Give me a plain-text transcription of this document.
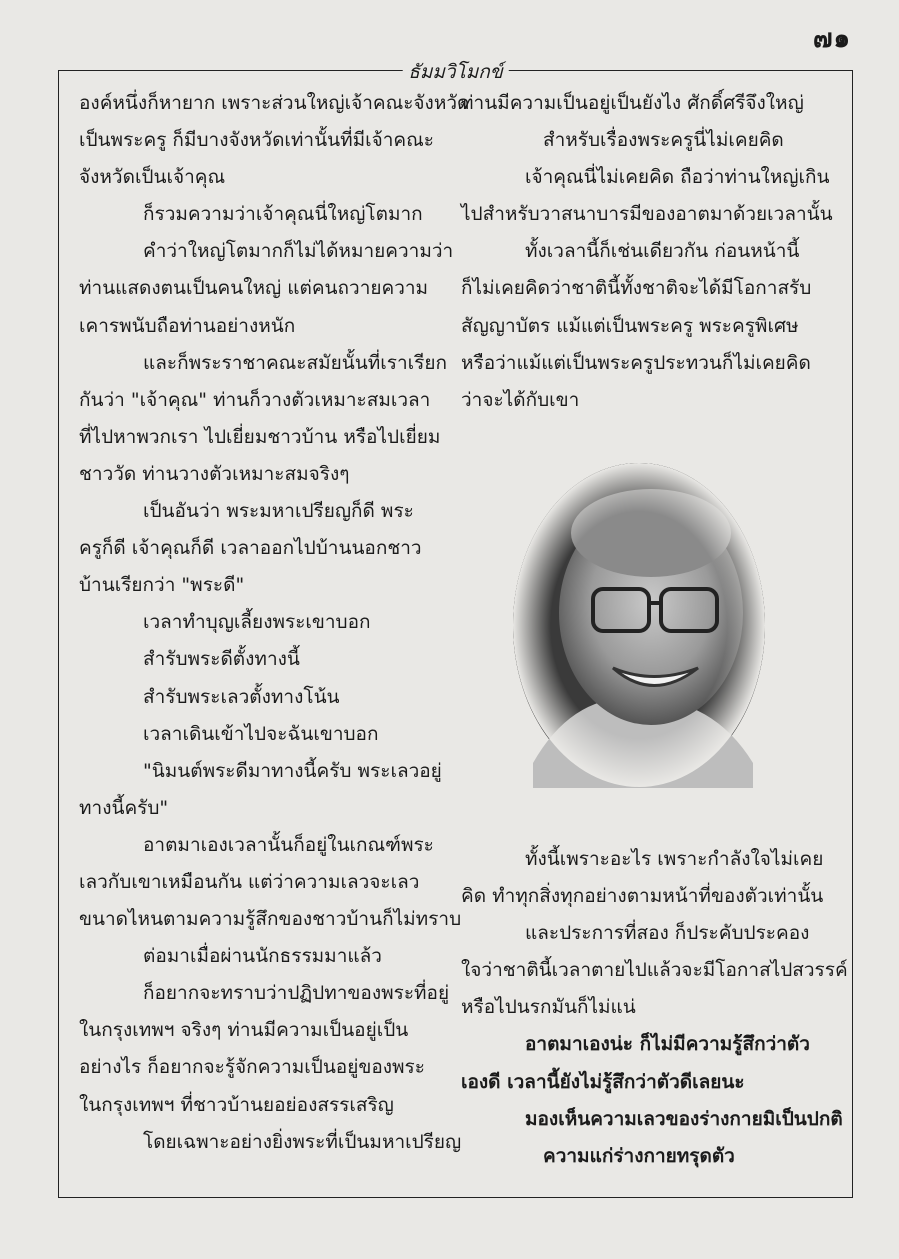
๗๑
ธัมมวิโมกข์
องค์หนึ่งก็หายาก เพราะส่วนใหญ่เจ้าคณะจังหวัด
เป็นพระครู ก็มีบางจังหวัดเท่านั้นที่มีเจ้าคณะ
จังหวัดเป็นเจ้าคุณ
ก็รวมความว่าเจ้าคุณนี่ใหญ่โตมาก
คำว่าใหญ่โตมากก็ไม่ได้หมายความว่า
ท่านแสดงตนเป็นคนใหญ่ แต่คนถวายความ
เคารพนับถือท่านอย่างหนัก
และก็พระราชาคณะสมัยนั้นที่เราเรียก
กันว่า "เจ้าคุณ" ท่านก็วางตัวเหมาะสมเวลา
ที่ไปหาพวกเรา ไปเยี่ยมชาวบ้าน หรือไปเยี่ยม
ชาววัด ท่านวางตัวเหมาะสมจริงๆ
เป็นอันว่า พระมหาเปรียญก็ดี พระ
ครูก็ดี เจ้าคุณก็ดี เวลาออกไปบ้านนอกชาว
บ้านเรียกว่า "พระดี"
เวลาทำบุญเลี้ยงพระเขาบอก
สำรับพระดีตั้งทางนี้
สำรับพระเลวตั้งทางโน้น
เวลาเดินเข้าไปจะฉันเขาบอก
"นิมนต์พระดีมาทางนี้ครับ พระเลวอยู่
ทางนี้ครับ"
อาตมาเองเวลานั้นก็อยู่ในเกณฑ์พระ
เลวกับเขาเหมือนกัน แต่ว่าความเลวจะเลว
ขนาดไหนตามความรู้สึกของชาวบ้านก็ไม่ทราบ
ต่อมาเมื่อผ่านนักธรรมมาแล้ว
ก็อยากจะทราบว่าปฏิปทาของพระที่อยู่
ในกรุงเทพฯ จริงๆ ท่านมีความเป็นอยู่เป็น
อย่างไร ก็อยากจะรู้จักความเป็นอยู่ของพระ
ในกรุงเทพฯ ที่ชาวบ้านยอย่องสรรเสริญ
โดยเฉพาะอย่างยิ่งพระที่เป็นมหาเปรียญ
ท่านมีความเป็นอยู่เป็นยังไง ศักดิ์ศรีจึงใหญ่
สำหรับเรื่องพระครูนี่ไม่เคยคิด
เจ้าคุณนี่ไม่เคยคิด ถือว่าท่านใหญ่เกิน
ไปสำหรับวาสนาบารมีของอาตมาด้วยเวลานั้น
ทั้งเวลานี้ก็เช่นเดียวกัน ก่อนหน้านี้
ก็ไม่เคยคิดว่าชาตินี้ทั้งชาติจะได้มีโอกาสรับ
สัญญาบัตร แม้แต่เป็นพระครู พระครูพิเศษ
หรือว่าแม้แต่เป็นพระครูประทวนก็ไม่เคยคิด
ว่าจะได้กับเขา
ทั้งนี้เพราะอะไร เพราะกำลังใจไม่เคย
คิด ทำทุกสิ่งทุกอย่างตามหน้าที่ของตัวเท่านั้น
และประการที่สอง ก็ประคับประคอง
ใจว่าชาตินี้เวลาตายไปแล้วจะมีโอกาสไปสวรรค์
หรือไปนรกมันก็ไม่แน่
อาตมาเองน่ะ ก็ไม่มีความรู้สึกว่าตัว
เองดี เวลานี้ยังไม่รู้สึกว่าตัวดีเลยนะ
มองเห็นความเลวของร่างกายมิเป็นปกติ
ความแก่ร่างกายทรุดตัว
